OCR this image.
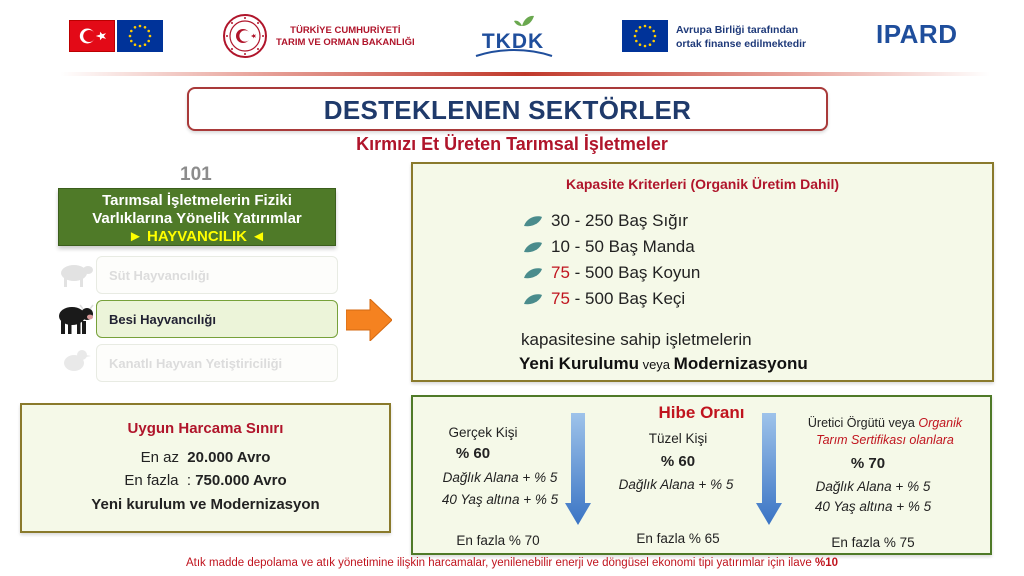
TÜRKİYE CUMHURİYETİ
TARIM VE ORMAN BAKANLIĞI	TKDK	Avrupa Birliği tarafından
ortak finanse edilmektedir	IPARD
DESTEKLENEN SEKTÖRLER
Kırmızı Et Üreten Tarımsal İşletmeler
101
Tarımsal İşletmelerin Fiziki
Varlıklarına Yönelik Yatırımlar
► HAYVANCILIK ◄
Süt Hayvancılığı
Besi Hayvancılığı
Kanatlı Hayvan Yetiştiriciliği
Kapasite Kriterleri (Organik Üretim Dahil)
30 - 250 Baş Sığır
10 - 50 Baş Manda
75 - 500 Baş Koyun
75 - 500 Baş Keçi
kapasitesine sahip işletmelerin
Yeni Kurulumu veya Modernizasyonu
Uygun Harcama Sınırı
En az  20.000 Avro
En fazla  : 750.000 Avro
Yeni kurulum ve Modernizasyon
Hibe Oranı
Gerçek Kişi
% 60
Dağlık Alana + % 5
40 Yaş altına + % 5
En fazla % 70
Tüzel Kişi
% 60
Dağlık Alana + % 5
En fazla % 65
Üretici Örgütü veya Organik
Tarım Sertifikası olanlara
% 70
Dağlık Alana + % 5
40 Yaş altına + % 5
En fazla % 75
Atık madde depolama ve atık yönetimine ilişkin harcamalar, yenilenebilir enerji ve döngüsel ekonomi tipi yatırımlar için ilave %10
